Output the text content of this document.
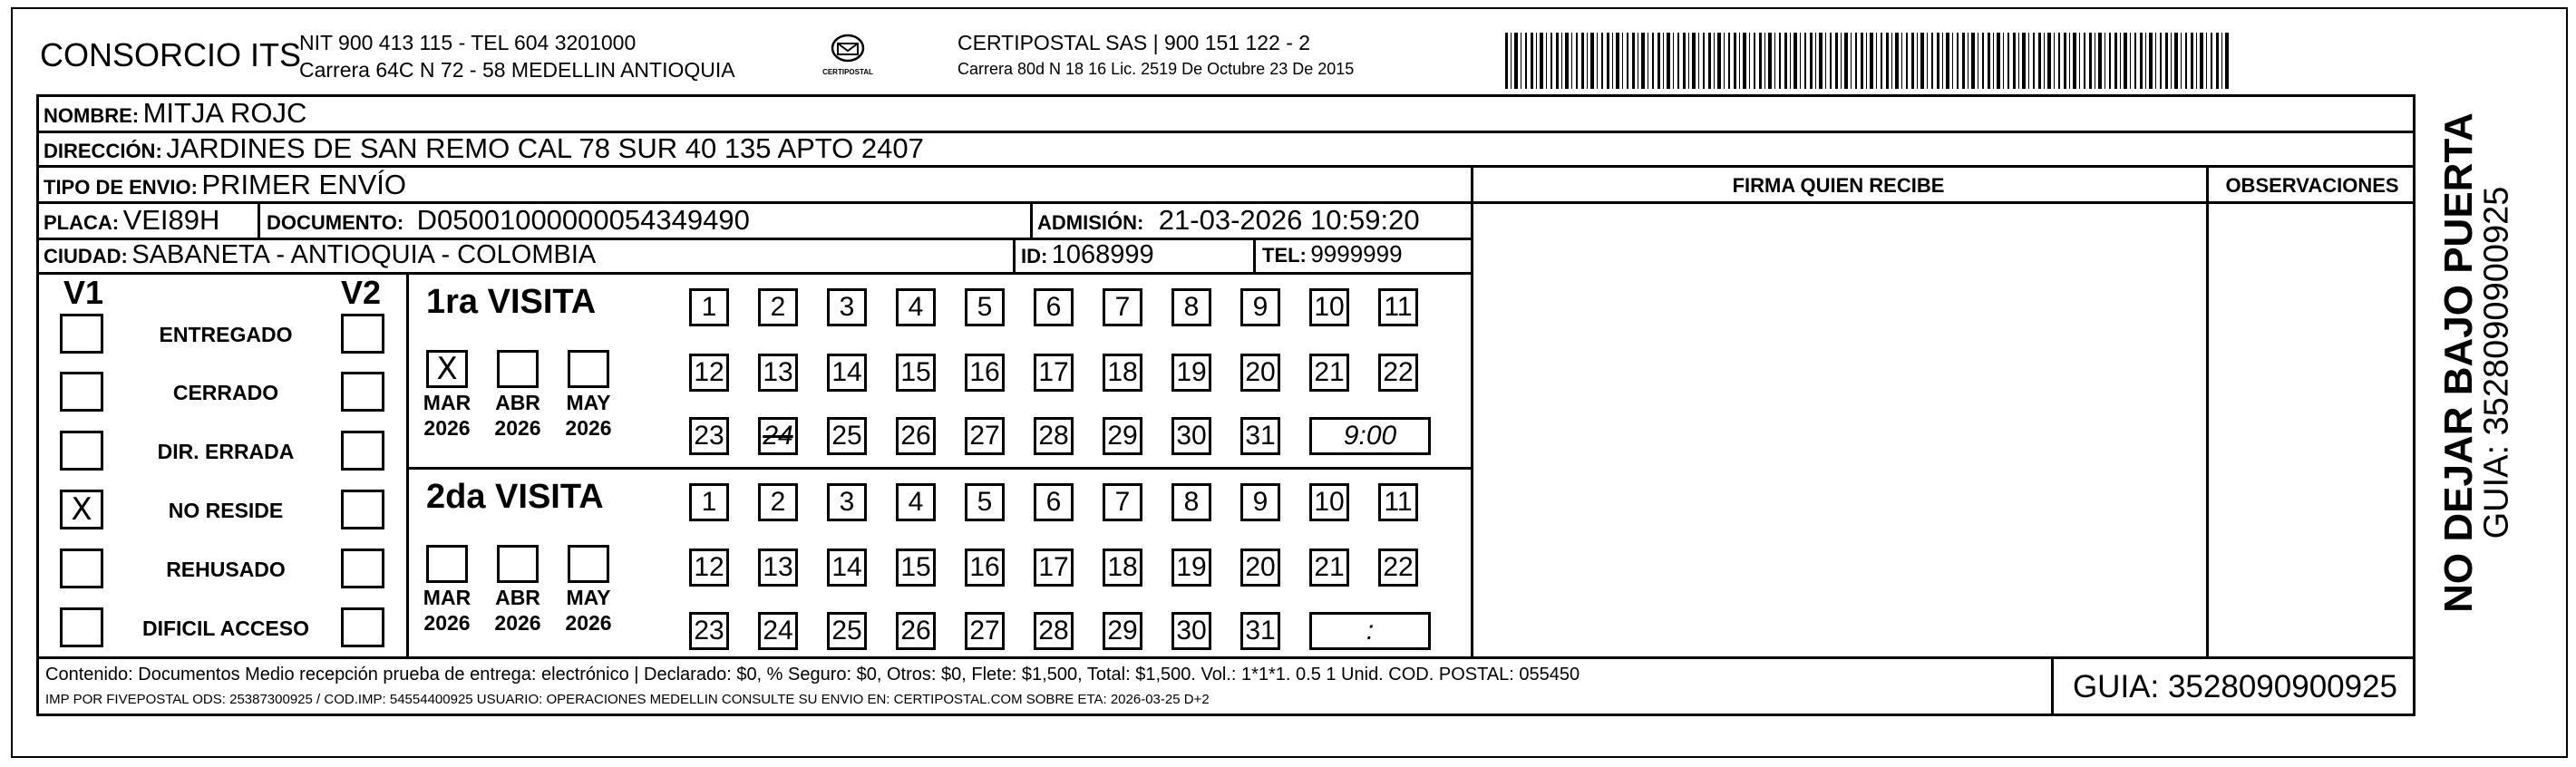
CONSORCIO ITS
NIT 900 413 115 - TEL 604 3201000
Carrera 64C N 72 - 58 MEDELLIN ANTIOQUIA	CERTIPOSTAL
CERTIPOSTAL SAS | 900 151 122 - 2
Carrera 80d N 18 16 Lic. 2519 De Octubre 23 De 2015
NOMBRE: MITJA ROJC
DIRECCIÓN: JARDINES DE SAN REMO CAL 78 SUR 40 135 APTO 2407
TIPO DE ENVIO: PRIMER ENVÍO	FIRMA QUIEN RECIBE	OBSERVACIONES
PLACA: VEI89H DOCUMENTO: D05001000000054349490	ADMISIÓN: 21-03-2026 10:59:20
CIUDAD: SABANETA - ANTIOQUIA - COLOMBIA	ID: 1068999	TEL: 9999999
V1	V2
ENTREGADO
CERRADO
DIR. ERRADA
X	NO RESIDE
REHUSADO
DIFICIL ACCESO
1ra VISITA
X
MAR
2026
ABR
2026
MAY
2026
1	2	3	4	5	6	7	8	9	10 11
12 13 14 15 16 17 18 19 20 21 22
23 24 25 26 27 28 29 30 31	9:00
2da VISITA
MAR
2026
ABR
2026
MAY
2026
1	2	3	4	5	6	7	8	9	10 11
12 13 14 15 16 17 18 19 20 21 22
23 24 25 26 27 28 29 30 31	:
Contenido: Documentos Medio recepción prueba de entrega: electrónico | Declarado: $0, % Seguro: $0, Otros: $0, Flete: $1,500, Total: $1,500. Vol.: 1*1*1. 0.5 1 Unid. COD. POSTAL: 055450
IMP POR FIVEPOSTAL ODS: 25387300925 / COD.IMP: 54554400925 USUARIO: OPERACIONES MEDELLIN CONSULTE SU ENVIO EN: CERTIPOSTAL.COM SOBRE ETA: 2026-03-25 D+2	GUIA: 3528090900925
NO DEJAR BAJO PUERTA
GUIA: 3528090900925
